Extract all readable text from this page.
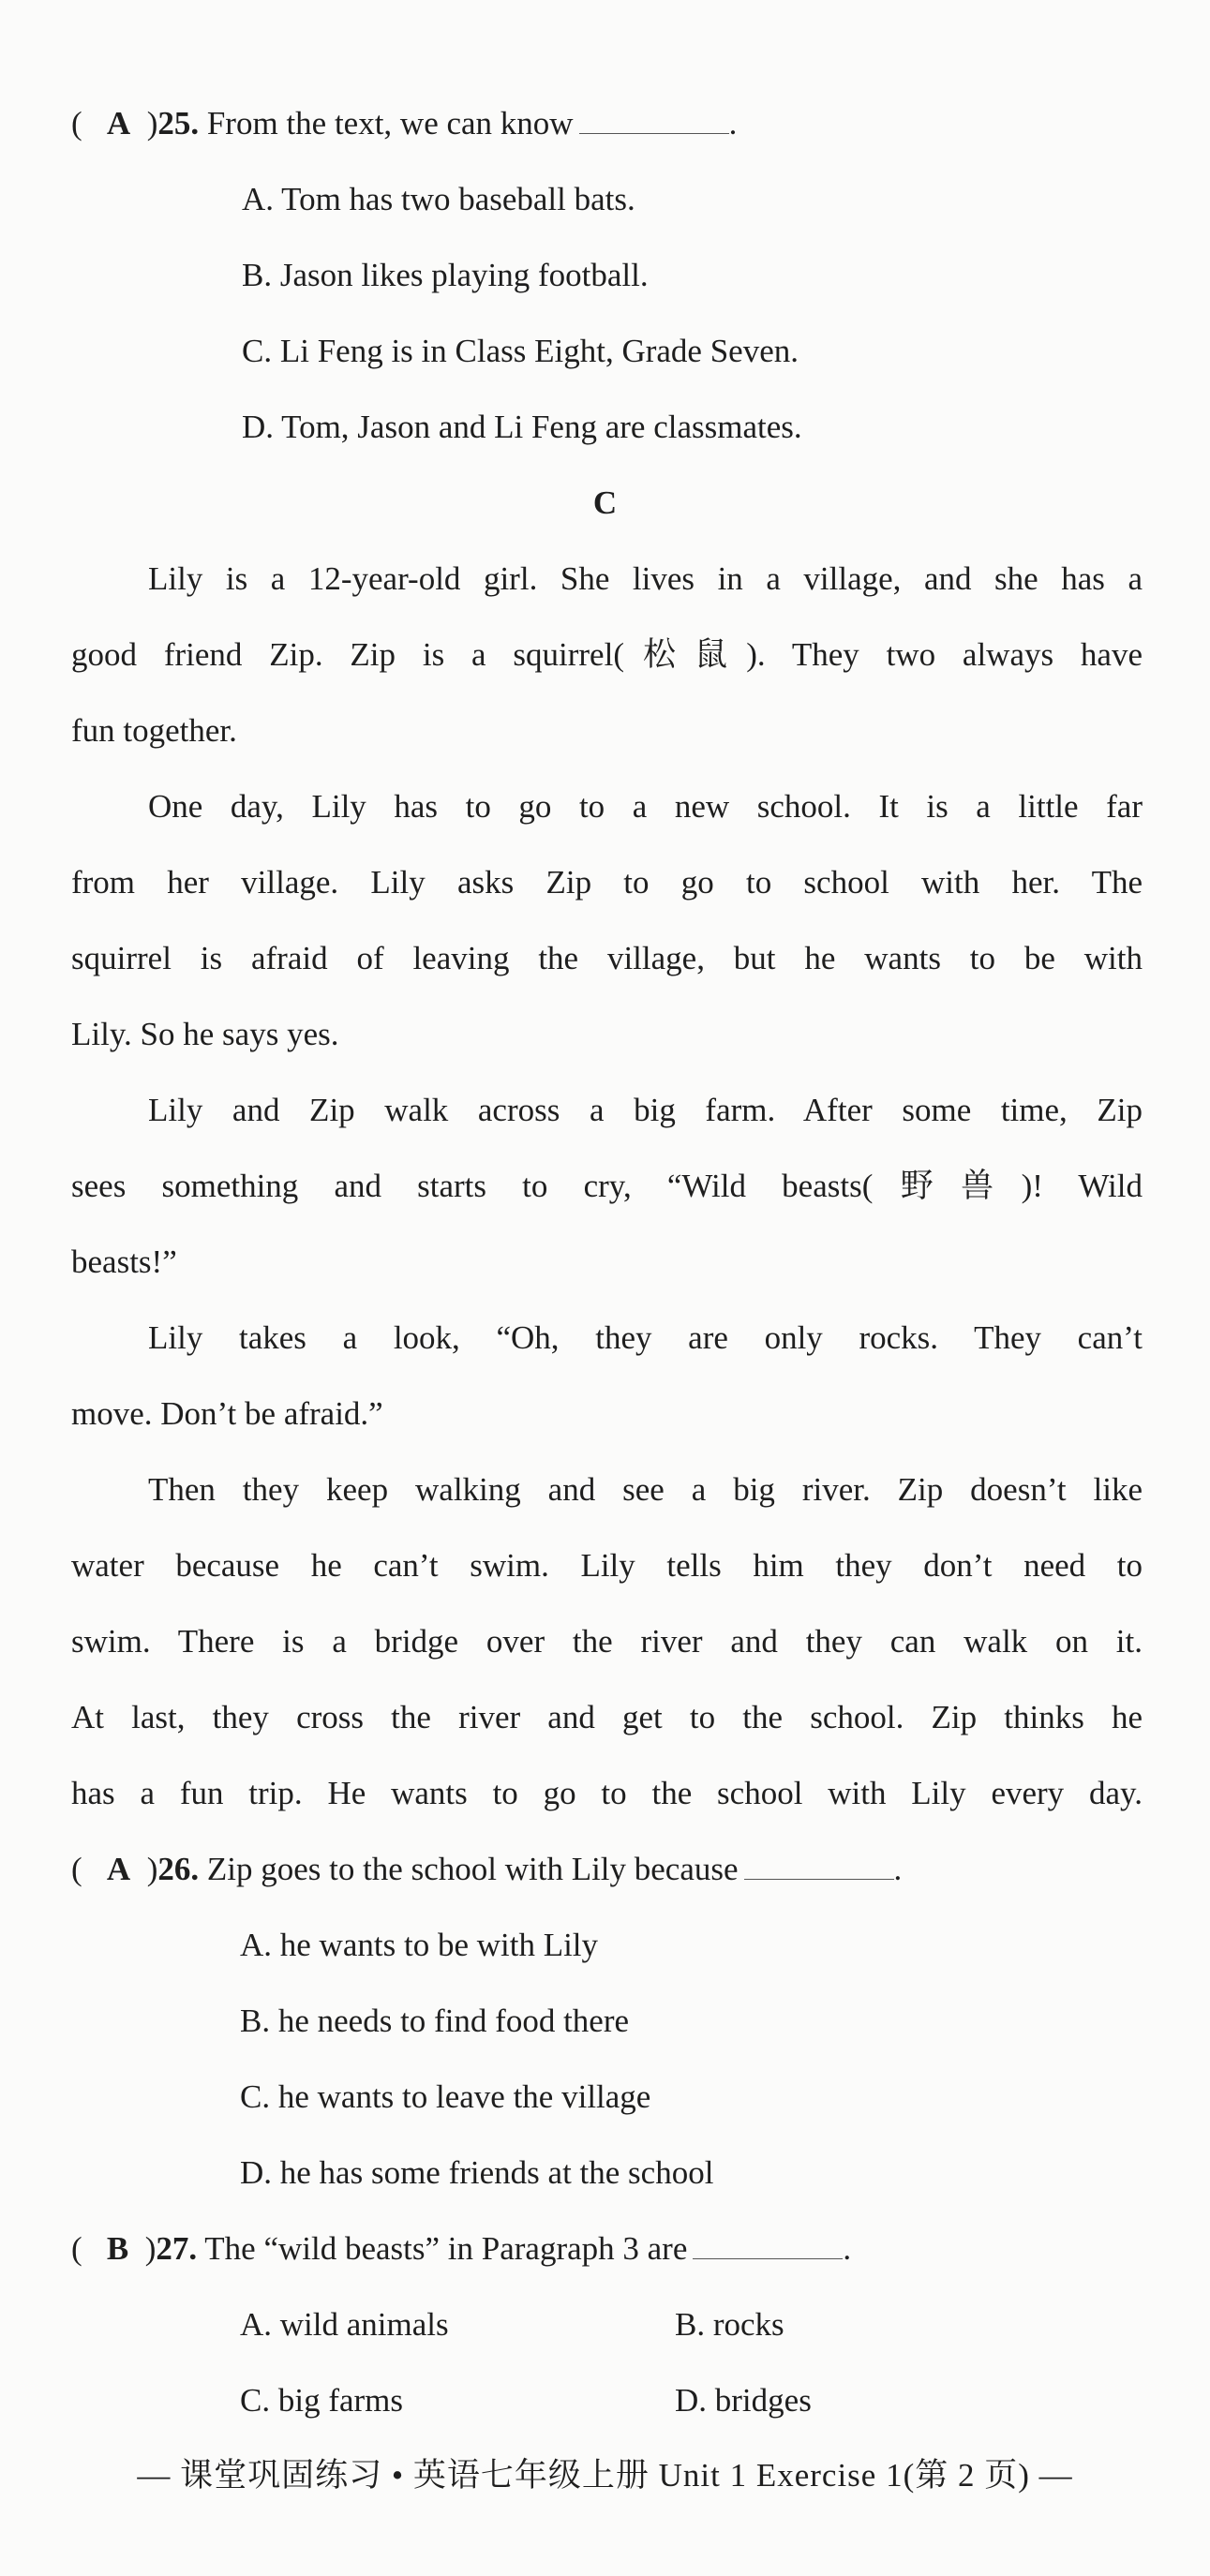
(   A  )25. From the text, we can know	.
A. Tom has two baseball bats.
B. Jason likes playing football.
C. Li Feng is in Class Eight, Grade Seven.
D. Tom, Jason and Li Feng are classmates.
C
Lily is a 12-year-old girl. She lives in a village, and she has a
good friend Zip. Zip is a squirrel(松鼠). They two always have
fun together.
One day, Lily has to go to a new school. It is a little far
from her village. Lily asks Zip to go to school with her. The
squirrel is afraid of leaving the village, but he wants to be with
Lily. So he says yes.
Lily and Zip walk across a big farm. After some time, Zip
sees something and starts to cry, “Wild beasts(野兽)! Wild
beasts!”
Lily takes a look, “Oh, they are only rocks. They can’t
move. Don’t be afraid.”
Then they keep walking and see a big river. Zip doesn’t like
water because he can’t swim. Lily tells him they don’t need to
swim. There is a bridge over the river and they can walk on it.
At last, they cross the river and get to the school. Zip thinks he
has a fun trip. He wants to go to the school with Lily every day.
(   A  )26. Zip goes to the school with Lily because	.
A. he wants to be with Lily
B. he needs to find food there
C. he wants to leave the village
D. he has some friends at the school
(   B  )27. The “wild beasts” in Paragraph 3 are	.
A. wild animals	B. rocks
C. big farms	D. bridges
— 课堂巩固练习 • 英语七年级上册 Unit 1 Exercise 1(第 2 页) —
